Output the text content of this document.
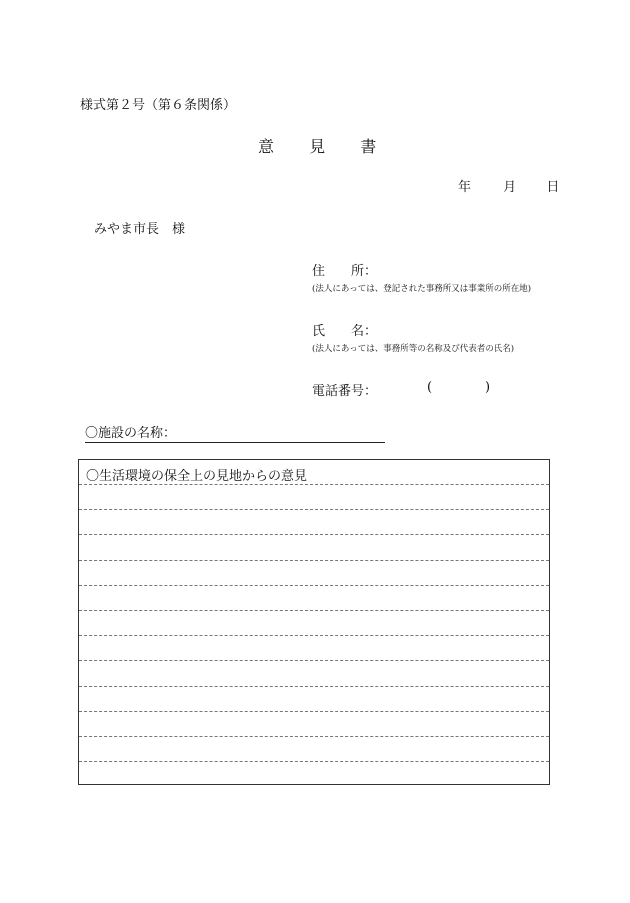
様式第２号（第６条関係）
意 見 書
年 月 日
みやま市長　様
住　　所：
(法人にあっては、登記された事務所又は事業所の所在地)
氏　　名：
(法人にあっては、事務所等の名称及び代表者の氏名)
電話番号：	(	)
〇施設の名称：
〇生活環境の保全上の見地からの意見
